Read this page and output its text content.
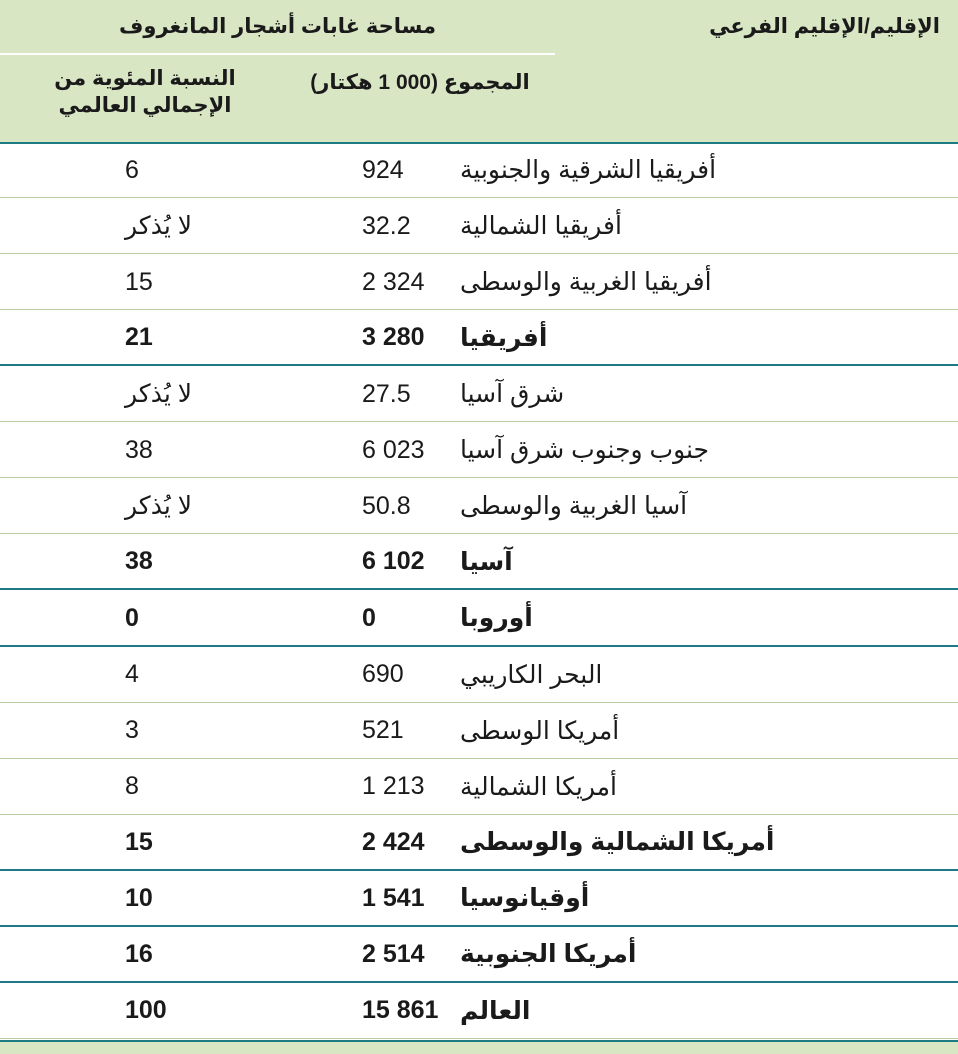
الإقليم/الإقليم الفرعي
مساحة غابات أشجار المانغروف
المجموع (000 1 هكتار)
النسبة المئوية من الإجمالي العالمي
أفريقيا الشرقية والجنوبية
924
6
أفريقيا الشمالية
32.2
لا يُذكر
أفريقيا الغربية والوسطى
2 324
15
أفريقيا
3 280
21
شرق آسيا
27.5
لا يُذكر
جنوب وجنوب شرق آسيا
6 023
38
آسيا الغربية والوسطى
50.8
لا يُذكر
آسيا
6 102
38
أوروبا
0
0
البحر الكاريبي
690
4
أمريكا الوسطى
521
3
أمريكا الشمالية
1 213
8
أمريكا الشمالية والوسطى
2 424
15
أوقيانوسيا
1 541
10
أمريكا الجنوبية
2 514
16
العالم
15 861
100
